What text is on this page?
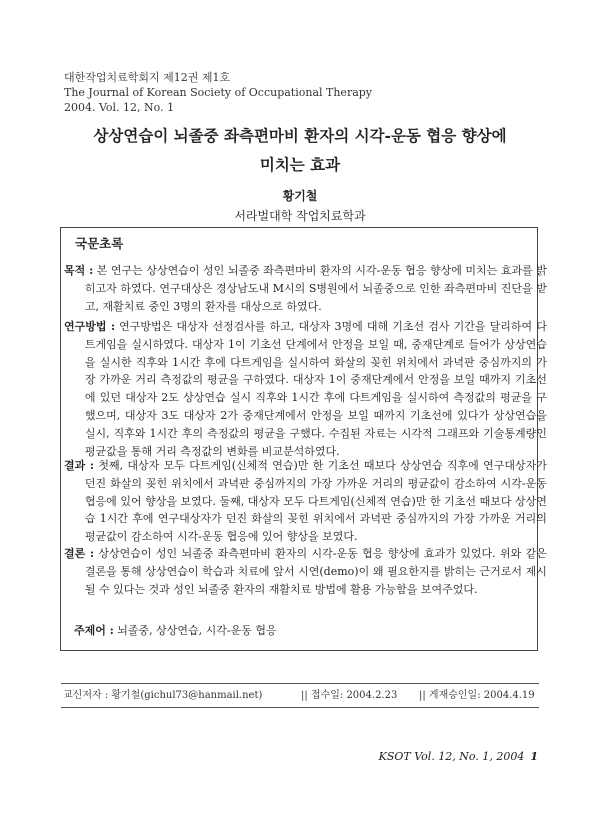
대한작업치료학회지 제12권 제1호
The Journal of Korean Society of Occupational Therapy
2004. Vol. 12, No. 1
상상연습이 뇌졸중 좌측편마비 환자의 시각-운동 협응 향상에
미치는 효과
황기철
서라벌대학 작업치료학과
국문초록
목적 : 본 연구는 상상연습이 성인 뇌졸중 좌측편마비 환자의 시각-운동 협응 향상에 미치는 효과를 밝히고자 하였다. 연구대상은 경상남도내 M시의 S병원에서 뇌졸중으로 인한 좌측편마비 진단을 받고, 재활치료 중인 3명의 환자를 대상으로 하였다.
연구방법 : 연구방법은 대상자 선정검사를 하고, 대상자 3명에 대해 기초선 검사 기간을 달리하여 다트게임을 실시하였다. 대상자 1이 기초선 단계에서 안정을 보일 때, 중재단계로 들어가 상상연습을 실시한 직후와 1시간 후에 다트게임을 실시하여 화살의 꽂힌 위치에서 과녁판 중심까지의 가장 가까운 거리 측정값의 평균을 구하였다. 대상자 1이 중재단계에서 안정을 보일 때까지 기초선에 있던 대상자 2도 상상연습 실시 직후와 1시간 후에 다트게임을 실시하여 측정값의 평균을 구했으며, 대상자 3도 대상자 2가 중재단계에서 안정을 보일 때까지 기초선에 있다가 상상연습을 실시, 직후와 1시간 후의 측정값의 평균을 구했다. 수집된 자료는 시각적 그래프와 기술통계량인 평균값을 통해 거리 측정값의 변화를 비교분석하였다.
결과 : 첫째, 대상자 모두 다트게임(신체적 연습)만 한 기초선 때보다 상상연습 직후에 연구대상자가 던진 화살의 꽂힌 위치에서 과녁판 중심까지의 가장 가까운 거리의 평균값이 감소하여 시각-운동 협응에 있어 향상을 보였다. 둘째, 대상자 모두 다트게임(신체적 연습)만 한 기초선 때보다 상상연습 1시간 후에 연구대상자가 던진 화살의 꽂힌 위치에서 과녁판 중심까지의 가장 가까운 거리의 평균값이 감소하여 시각-운동 협응에 있어 향상을 보였다.
결론 : 상상연습이 성인 뇌졸중 좌측편마비 환자의 시각-운동 협응 향상에 효과가 있었다. 위와 같은 결론을 통해 상상연습이 학습과 치료에 앞서 시연(demo)이 왜 필요한지를 밝히는 근거로서 제시될 수 있다는 것과 성인 뇌졸중 환자의 재활치료 방법에 활용 가능함을 보여주었다.
주제어 : 뇌졸중, 상상연습, 시각-운동 협응
교신저자 : 황기철(gichul73@hanmail.net)	|| 접수일: 2004.2.23 || 게재승인일: 2004.4.19
KSOT Vol. 12, No. 1, 2004 1
